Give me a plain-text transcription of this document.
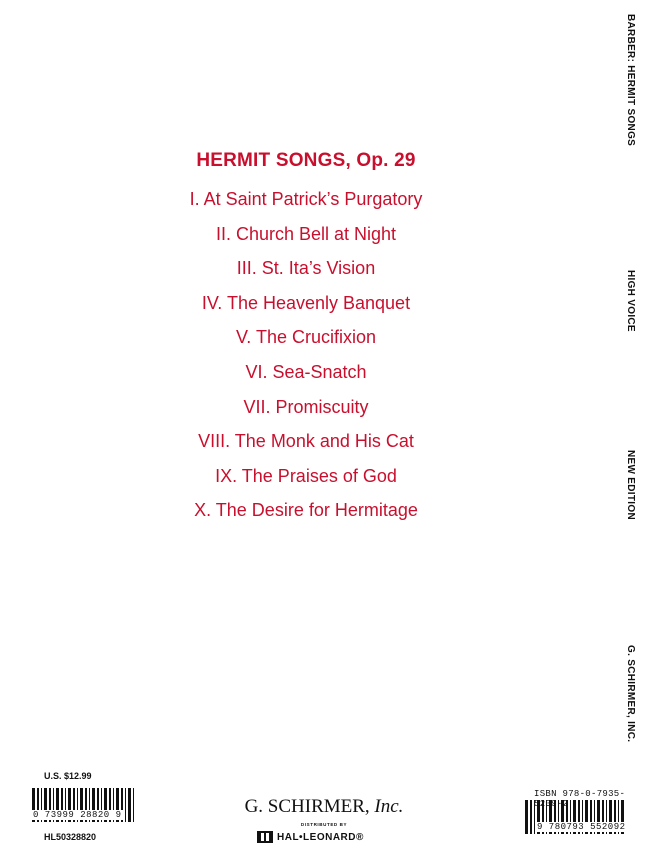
BARBER: HERMIT SONGS
HIGH VOICE
NEW EDITION
G. SCHIRMER, INC.
HERMIT SONGS, Op. 29
I. At Saint Patrick’s Purgatory
II. Church Bell at Night
III. St. Ita’s Vision
IV. The Heavenly Banquet
V. The Crucifixion
VI. Sea-Snatch
VII. Promiscuity
VIII. The Monk and His Cat
IX. The Praises of God
X. The Desire for Hermitage
U.S. $12.99
0 73999 28820 9
HL50328820
ISBN 978-0-7935-5209-2
9 780793 552092
G. SCHIRMER, Inc.
DISTRIBUTED BY
HAL•LEONARD®
